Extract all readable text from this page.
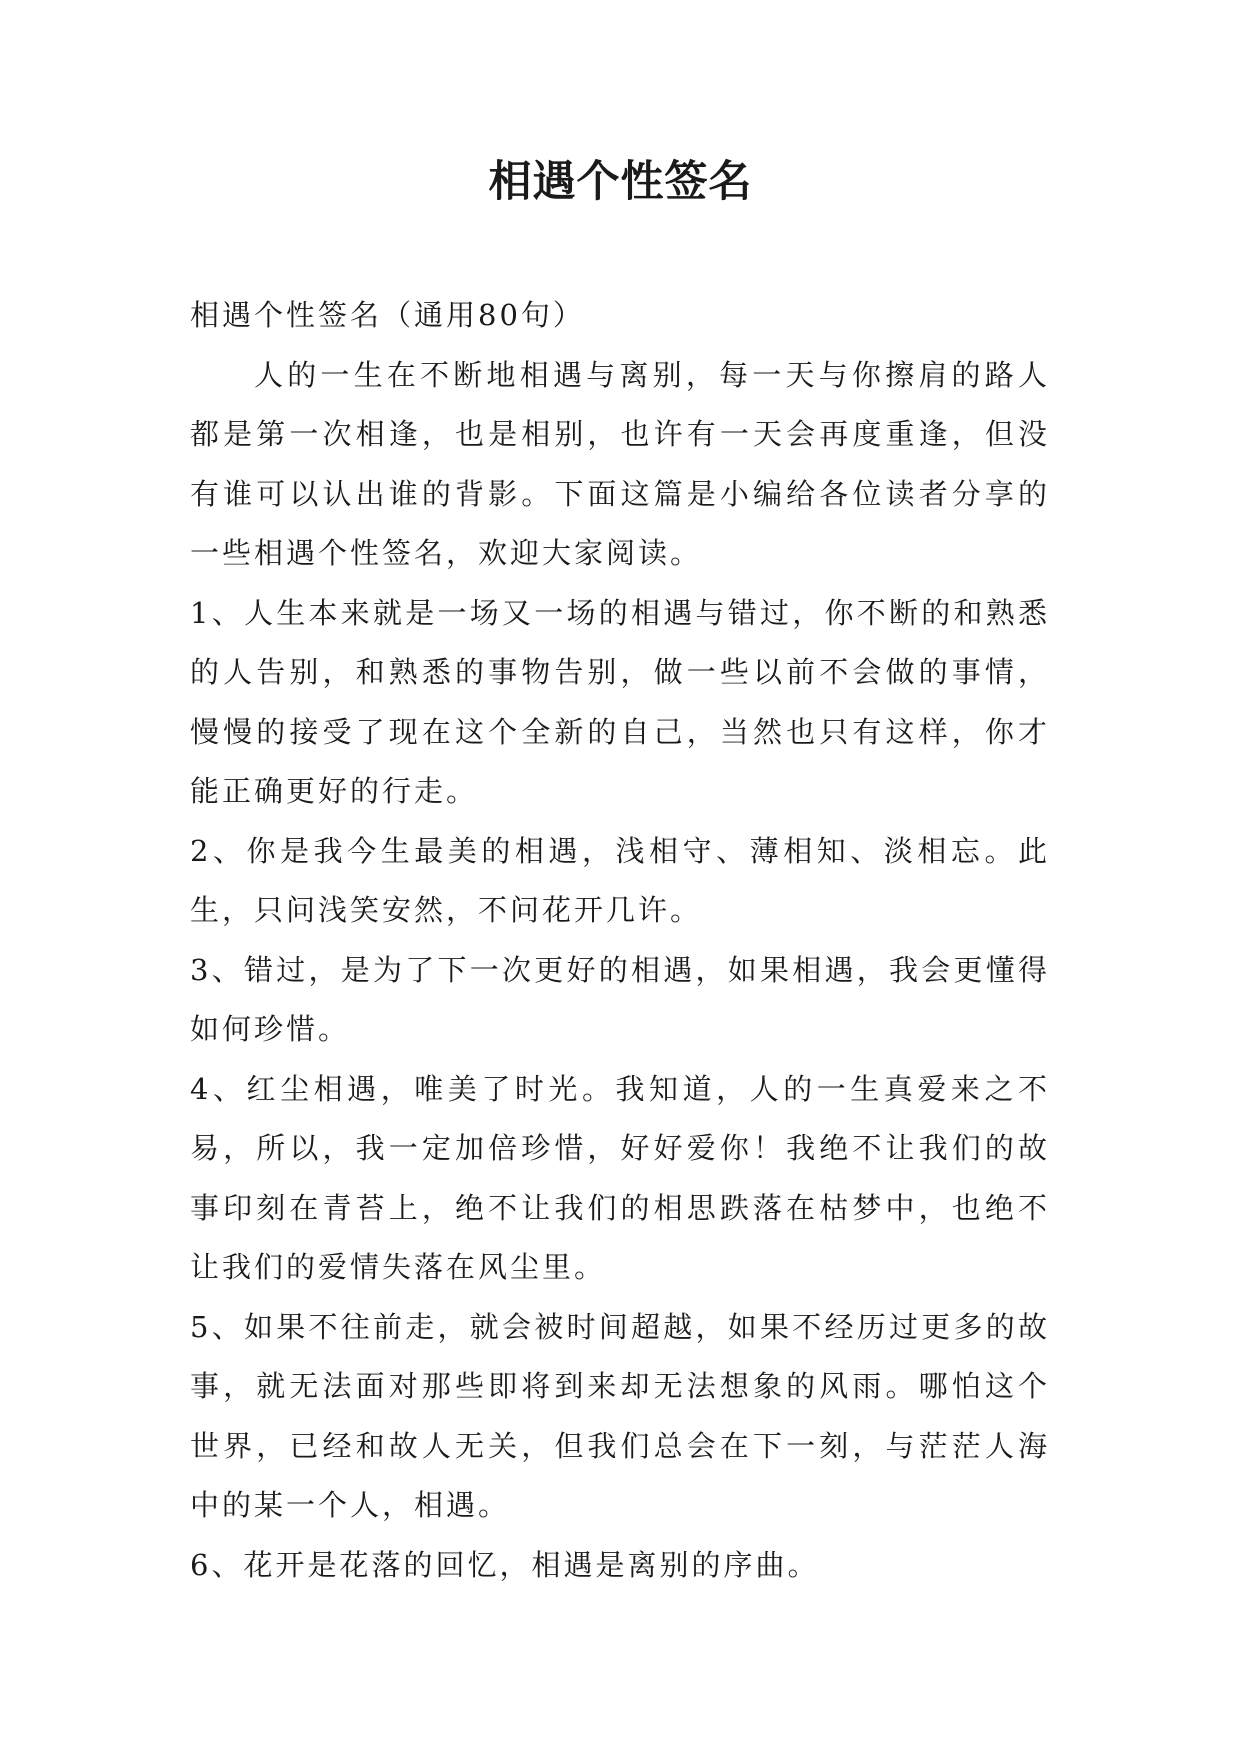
相遇个性签名

相遇个性签名（通用80句）

人的一生在不断地相遇与离别，每一天与你擦肩的路人都是第一次相逢，也是相别，也许有一天会再度重逢，但没有谁可以认出谁的背影。下面这篇是小编给各位读者分享的一些相遇个性签名，欢迎大家阅读。

1、人生本来就是一场又一场的相遇与错过，你不断的和熟悉的人告别，和熟悉的事物告别，做一些以前不会做的事情，慢慢的接受了现在这个全新的自己，当然也只有这样，你才能正确更好的行走。

2、你是我今生最美的相遇，浅相守、薄相知、淡相忘。此生，只问浅笑安然，不问花开几许。

3、错过，是为了下一次更好的相遇，如果相遇，我会更懂得如何珍惜。

4、红尘相遇，唯美了时光。我知道，人的一生真爱来之不易，所以，我一定加倍珍惜，好好爱你！我绝不让我们的故事印刻在青苔上，绝不让我们的相思跌落在枯梦中，也绝不让我们的爱情失落在风尘里。

5、如果不往前走，就会被时间超越，如果不经历过更多的故事，就无法面对那些即将到来却无法想象的风雨。哪怕这个世界，已经和故人无关，但我们总会在下一刻，与茫茫人海中的某一个人，相遇。

6、花开是花落的回忆，相遇是离别的序曲。
